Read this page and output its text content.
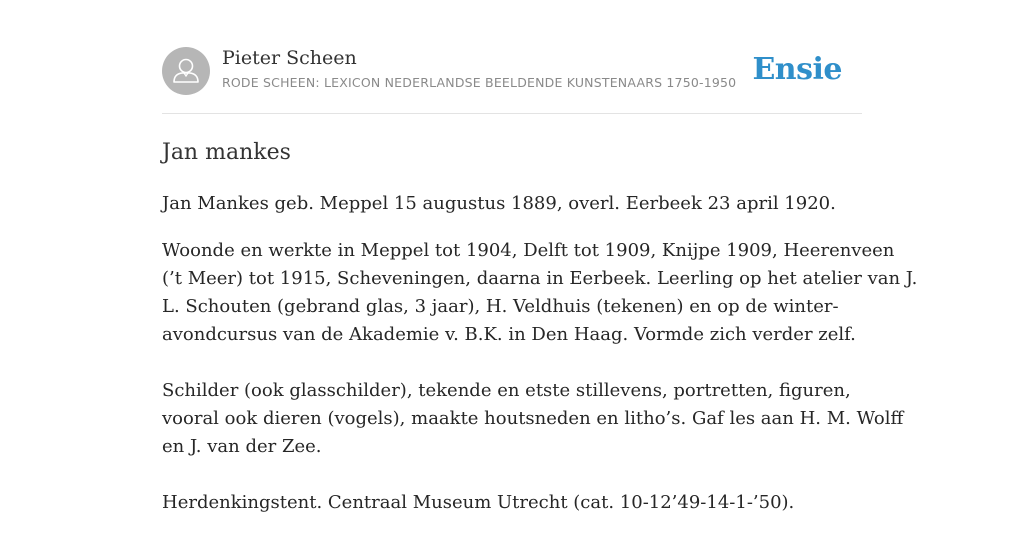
Pieter Scheen
RODE SCHEEN: LEXICON NEDERLANDSE BEELDENDE KUNSTENAARS 1750-1950 Ensie
Jan mankes

Jan Mankes geb. Meppel 15 augustus 1889, overl. Eerbeek 23 april 1920.

Woonde en werkte in Meppel tot 1904, Delft tot 1909, Knijpe 1909, Heerenveen
(’t Meer) tot 1915, Scheveningen, daarna in Eerbeek. Leerling op het atelier van J.
L. Schouten (gebrand glas, 3 jaar), H. Veldhuis (tekenen) en op de winter-
avondcursus van de Akademie v. B.K. in Den Haag. Vormde zich verder zelf.

Schilder (ook glasschilder), tekende en etste stillevens, portretten, figuren,
vooral ook dieren (vogels), maakte houtsneden en litho’s. Gaf les aan H. M. Wolff
en J. van der Zee.

Herdenkingstent. Centraal Museum Utrecht (cat. 10-12’49-14-1-’50).
